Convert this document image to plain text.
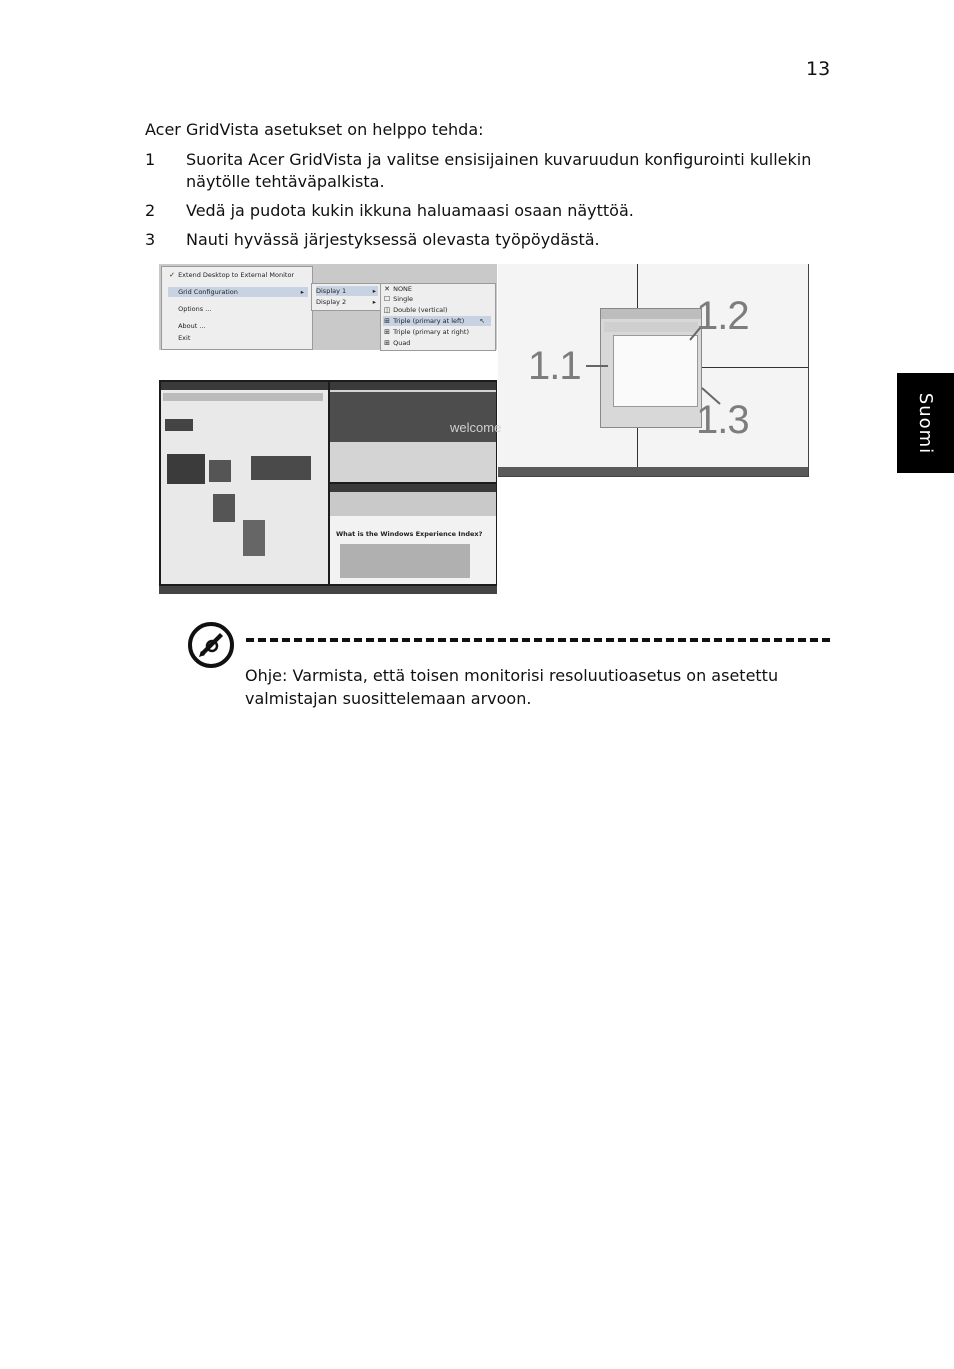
13
Suomi
Acer GridVista asetukset on helppo tehda:
1	Suorita Acer GridVista ja valitse ensisijainen kuvaruudun konfigurointi kullekin näytölle tehtäväpalkista.
2	Vedä ja pudota kukin ikkuna haluamaasi osaan näyttöä.
3	Nauti hyvässä järjestyksessä olevasta työpöydästä.
✓ Extend Desktop to External Monitor
Grid Configuration	▸
Options ...
About ...
Exit
Display 1	▸
Display 2	▸
✕ NONE
☐ Single
◫ Double (vertical)
⊞ Triple (primary at left) ↖
⊞ Triple (primary at right)
⊞ Quad
1.1
1.2
1.3
welcome
What is the Windows Experience Index?
Ohje: Varmista, että toisen monitorisi resoluutioasetus on asetettu valmistajan suosittelemaan arvoon.
